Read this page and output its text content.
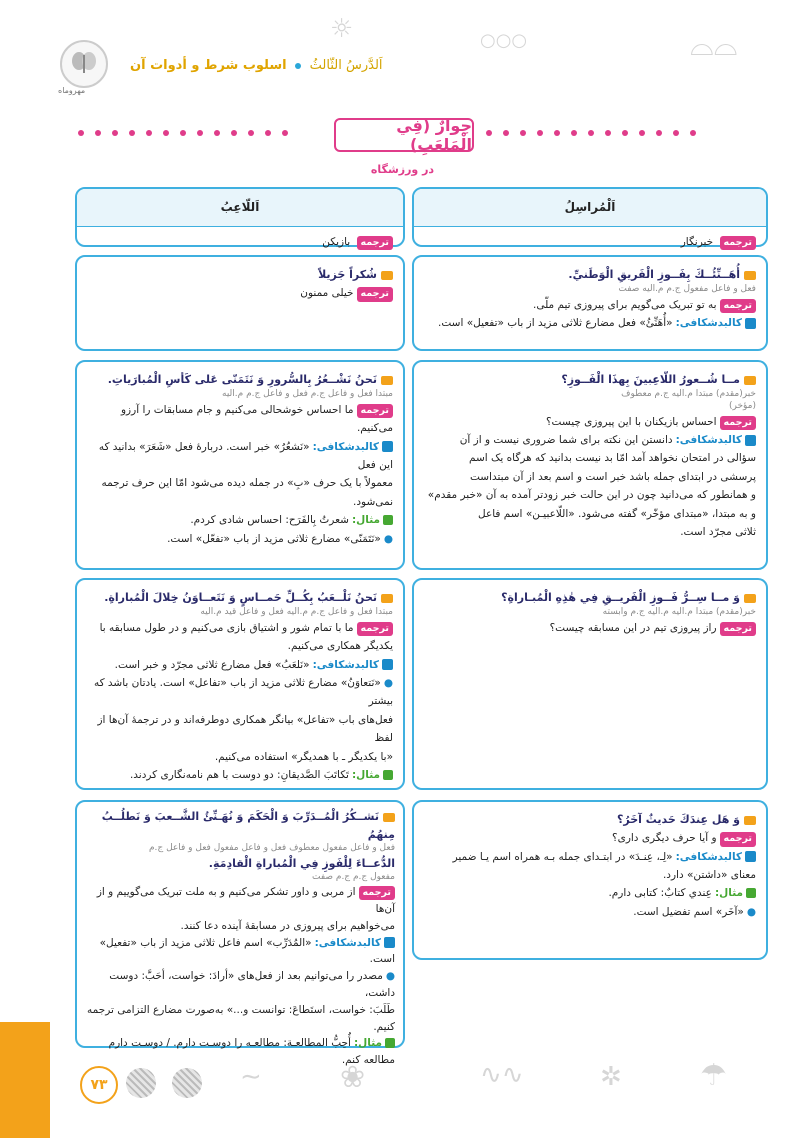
مهروماه
اَلدَّرسُ الثّالثُ  اسلوب شرط و أدوات آن
☼	○○○	⌓⌓
حِوارٌ (فِي الْمَلعَبِ)
در ورزشگاه
اَلْمُراسِلُ
ترجمه خبرنگار
اَللّاعِبُ
ترجمه بازیکن
أُهَــنِّئُــكَ بِفَــوزِ الْفَريقِ الْوَطَنيِّ.
فعل و فاعل مفعول ج.م م.اليه صفت
ترجمهبه تو تبریک می‌گویم برای پیروزی تیم ملّی.
کالبدشکافی:«أُهَنِّئُ» فعل مضارع ثلاثی مزید از باب «تفعیل» است.
شُكراً جَزيلاً
ترجمهخیلی ممنون
مــا شُــعورُ اللّاعِبينَ بِهذَا الْفَــوزِ؟
خبر(مقدم) مبتدا م.اليه ج.م معطوف
(مؤخر)
ترجمهاحساس بازیکنان با این پیروزی چیست؟
کالبدشکافی:دانستن این نکته برای شما ضروری نیست و از آن
سؤالی در امتحان نخواهد آمد امّا بد نیست بدانید که هرگاه یک اسم
پرسشی در ابتدای جمله باشد خبر است و اسم بعد از آن مبتداست
و همانطور که می‌دانید چون در این حالت خبر زودتر آمده به آن «خبر مقدم»
و به مبتدا، «مبتدای مؤخّر» گفته می‌شود. «اللّاعبیـن» اسم فاعل
ثلاثی مجرّد است.
نَحنُ نَشْــعُرُ بِالسُّرورِ وَ نَتَمَنّى عَلى كَأسِ الْمُبارَياتِ.
مبتدا فعل و فاعل ج.م فعل و فاعل ج.م م.اليه
ترجمهما احساس خوشحالی می‌کنیم و جام مسابقات را آرزو می‌کنیم.
کالبدشکافی:«نَشعُرُ» خبر است. دربارهٔ فعل «شَعَرَ» بدانید که این فعل
معمولاً با یک حرف «بِ» در جمله دیده می‌شود امّا این حرف ترجمه نمی‌شود.
مثال:شعرتُ بِالفَرَح: احساس شادی کردم.
●«نَتَمَنّى» مضارع ثلاثی مزید از باب «تفعّل» است.
وَ مــا سِــرُّ فَــوزِ الْفَريــقِ فِي هٰذِهِ الْمُبـاراةِ؟
خبر(مقدم) مبتدا م.اليه م.اليه ج.م وابسته
ترجمهراز پیروزی تیم در این مسابقه چیست؟
نَحنُ نَلْــعَبُ بِكُــلِّ حَمــاسٍ وَ نَتَعــاوَنُ خِلالَ الْمُباراةِ.
مبتدا فعل و فاعل ج.م م.اليه فعل و فاعل قيد م.اليه
ترجمهما با تمام شور و اشتیاق بازی می‌کنیم و در طول مسابقه با
یکدیگر همکاری می‌کنیم.
کالبدشکافی:«نَلعَبُ» فعل مضارع ثلاثی مجرّد و خبر است.
●«نَتعاوَنُ» مضارع ثلاثی مزید از باب «تفاعل» است. یادتان باشد که بیشتر
فعل‌های باب «تفاعل» بیانگر همکاری دوطرفه‌اند و در ترجمهٔ آن‌ها از لفظ
«با یکدیگر ـ با همدیگر» استفاده می‌کنیم.
مثال:تَكاتَبَ الصَّديقانِ: دو دوست با هم نامه‌نگاری کردند.
وَ هَل عِندَكَ حَديثٌ آخَرُ؟
ترجمهو آیا حرف دیگری داری؟
کالبدشکافی:«لِـ، عِنـدَ» در ابتـدای جمله بـه همراه اسم یـا ضمیر
معنای «داشتن» دارد.
مثال:عِندي كتابٌ: کتابی دارم.
●«آخَر» اسم تفضیل است.
نَشــكُرُ الْمُــدَرِّبَ وَ الْحَكَمَ وَ نُهَـنِّئُ الشَّــعبَ وَ نَطلُــبُ مِنهُمُ
فعل و فاعل مفعول معطوف فعل و فاعل مفعول فعل و فاعل ج.م
الدُّعــاءَ لِلْفَوزِ فِي الْمُباراةِ الْقادِمَةِ.
مفعول ج.م ج.م صفت
ترجمهاز مربی و داور تشکر می‌کنیم و به ملت تبریک می‌گوییم و از آن‌ها
می‌خواهیم برای پیروزی در مسابقهٔ آینده دعا کنند.
کالبدشکافی:«المُدَرِّب» اسم فاعل ثلاثی مزید از باب «تفعیل» است.
●مصدر را می‌توانیم بعد از فعل‌های «أرادَ: خواست، أحَبَّ: دوست داشت،
طَلَبَ: خواست، استَطاعَ: توانست و...» به‌صورت مضارع التزامی ترجمه کنیم.
مثال:أُحِبُّ المطالعـة: مطالعـه را دوسـت دارم. / دوسـت دارم
مطالعه کنم.
۷۳	∽	❀	∿∿	✲	☂
